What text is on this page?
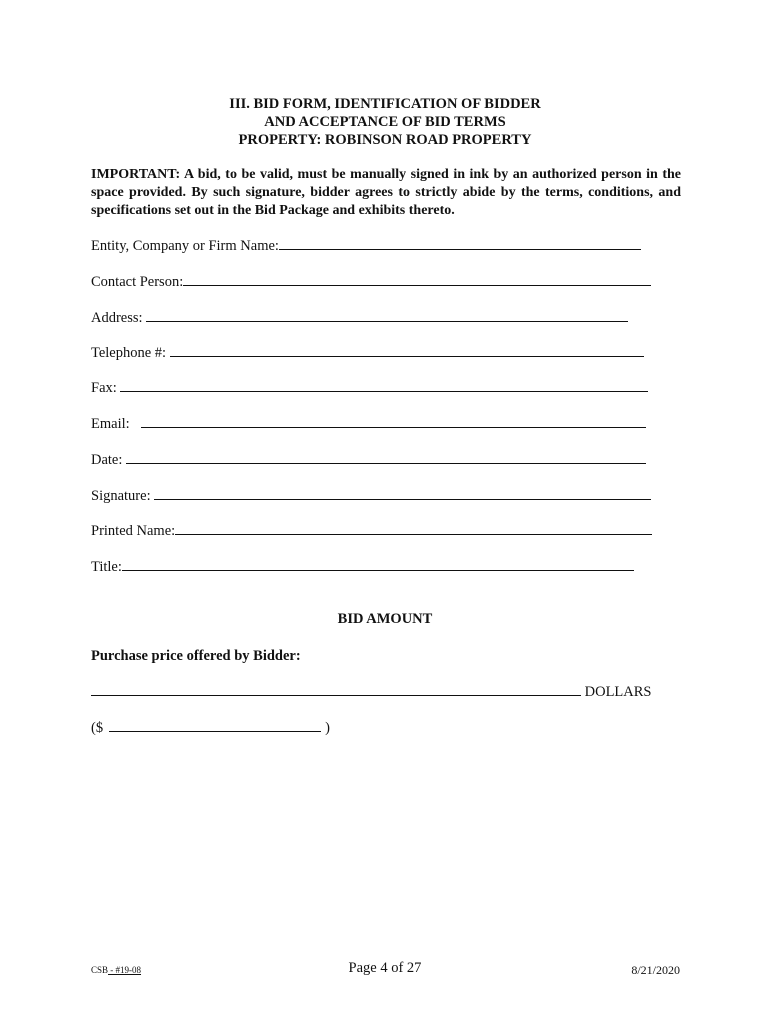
III. BID FORM, IDENTIFICATION OF BIDDER
AND ACCEPTANCE OF BID TERMS
PROPERTY: ROBINSON ROAD PROPERTY
IMPORTANT: A bid, to be valid, must be manually signed in ink by an authorized person in the space provided. By such signature, bidder agrees to strictly abide by the terms, conditions, and specifications set out in the Bid Package and exhibits thereto.
Entity, Company or Firm Name:
Contact Person:
Address:
Telephone #:
Fax:
Email:
Date:
Signature:
Printed Name:
Title:
BID AMOUNT
Purchase price offered by Bidder:
DOLLARS
($	)
CSB - #19-08	Page 4 of 27	8/21/2020
